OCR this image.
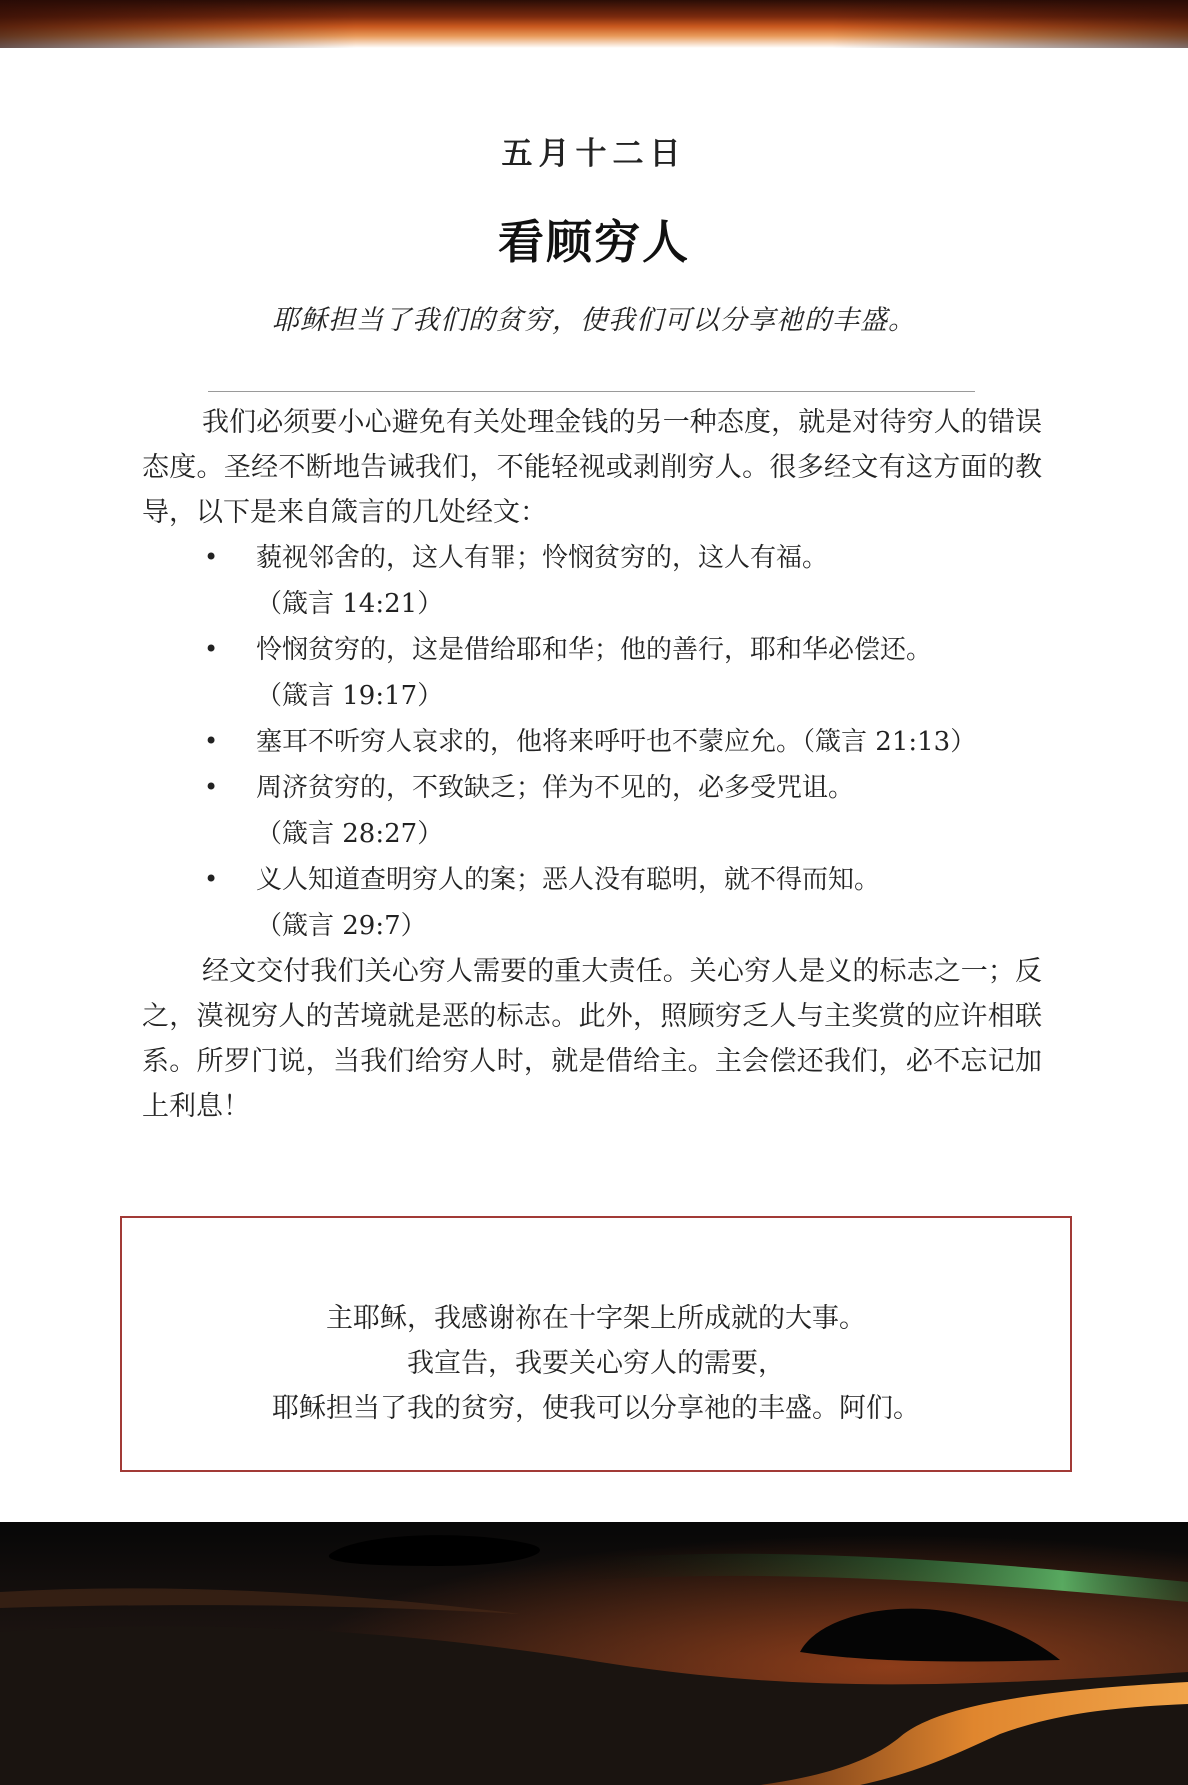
五月十二日
看顾穷人
耶稣担当了我们的贫穷，使我们可以分享祂的丰盛。

我们必须要小心避免有关处理金钱的另一种态度，就是对待穷人的错误态度。圣经不断地告诫我们，不能轻视或剥削穷人。很多经文有这方面的教导，以下是来自箴言的几处经文：

• 藐视邻舍的，这人有罪；怜悯贫穷的，这人有福。
（箴言 14:21）
• 怜悯贫穷的，这是借给耶和华；他的善行，耶和华必偿还。
（箴言 19:17）
• 塞耳不听穷人哀求的，他将来呼吁也不蒙应允。（箴言 21:13）
• 周济贫穷的，不致缺乏；佯为不见的，必多受咒诅。
（箴言 28:27）
• 义人知道查明穷人的案；恶人没有聪明，就不得而知。
（箴言 29:7）

经文交付我们关心穷人需要的重大责任。关心穷人是义的标志之一；反之，漠视穷人的苦境就是恶的标志。此外，照顾穷乏人与主奖赏的应许相联系。所罗门说，当我们给穷人时，就是借给主。主会偿还我们，必不忘记加上利息！

主耶稣，我感谢祢在十字架上所成就的大事。
我宣告，我要关心穷人的需要，
耶稣担当了我的贫穷，使我可以分享祂的丰盛。阿们。
